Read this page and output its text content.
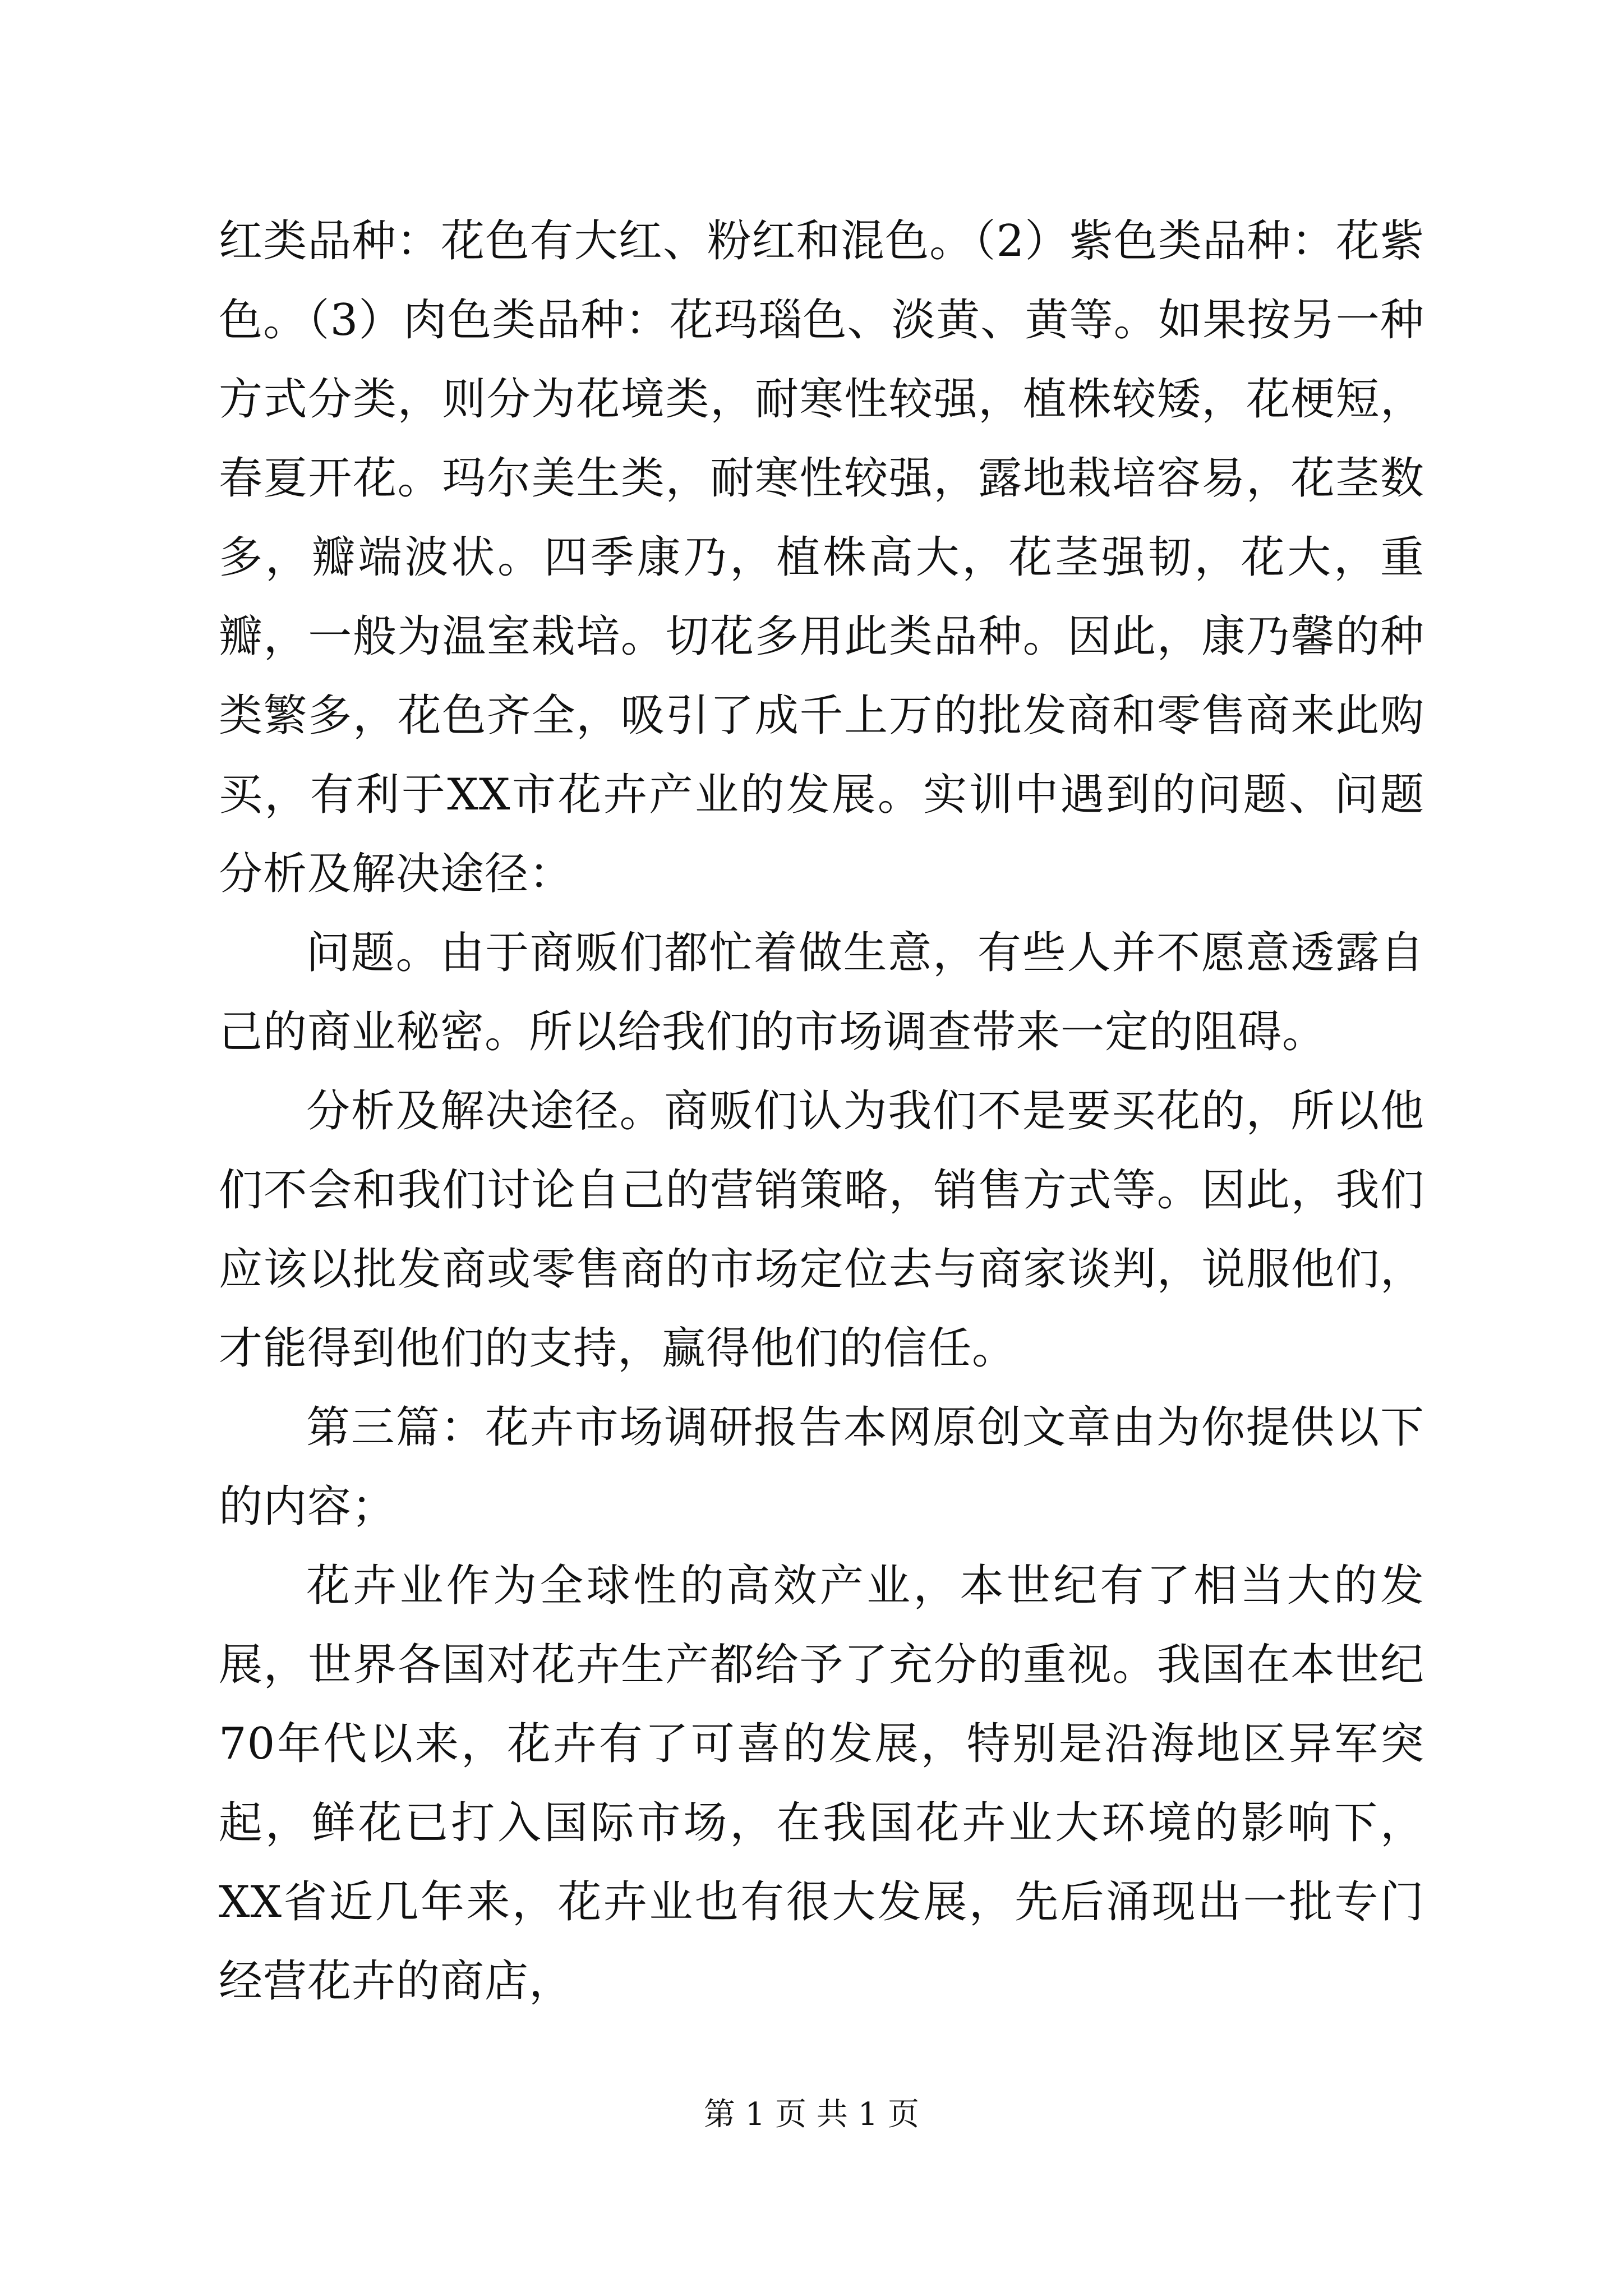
红类品种：花色有大红、粉红和混色。（2）紫色类品种：花紫色。（3）肉色类品种：花玛瑙色、淡黄、黄等。如果按另一种方式分类，则分为花境类，耐寒性较强，植株较矮，花梗短，春夏开花。玛尔美生类，耐寒性较强，露地栽培容易，花茎数多，瓣端波状。四季康乃，植株高大，花茎强韧，花大，重瓣，一般为温室栽培。切花多用此类品种。因此，康乃馨的种类繁多，花色齐全，吸引了成千上万的批发商和零售商来此购买，有利于XX市花卉产业的发展。实训中遇到的问题、问题分析及解决途径：

问题。由于商贩们都忙着做生意，有些人并不愿意透露自己的商业秘密。所以给我们的市场调查带来一定的阻碍。

分析及解决途径。商贩们认为我们不是要买花的，所以他们不会和我们讨论自己的营销策略，销售方式等。因此，我们应该以批发商或零售商的市场定位去与商家谈判，说服他们，才能得到他们的支持，赢得他们的信任。

第三篇：花卉市场调研报告本网原创文章由为你提供以下的内容；

花卉业作为全球性的高效产业，本世纪有了相当大的发展，世界各国对花卉生产都给予了充分的重视。我国在本世纪70年代以来，花卉有了可喜的发展，特别是沿海地区异军突起，鲜花已打入国际市场，在我国花卉业大环境的影响下，XX省近几年来，花卉业也有很大发展，先后涌现出一批专门经营花卉的商店，

第 1 页 共 1 页
